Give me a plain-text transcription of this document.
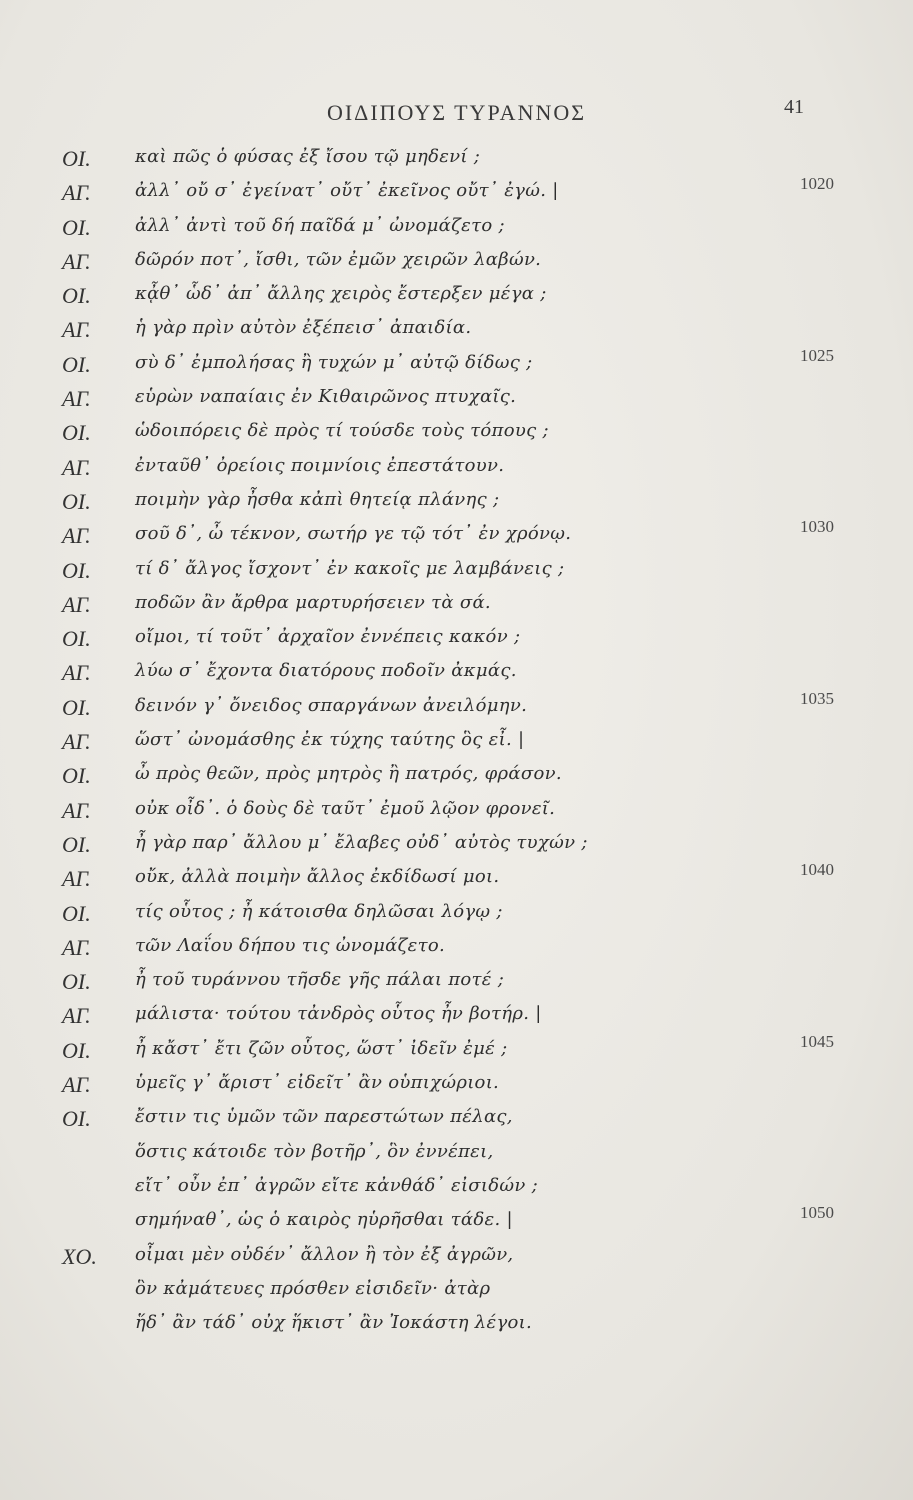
ΟΙΔΙΠΟΥΣ ΤΥΡΑΝΝΟΣ	41
ΟΙ.	καὶ πῶς ὁ φύσας ἐξ ἴσου τῷ μηδενί ;
ΑΓ.	ἀλλ᾽ οὔ σ᾽ ἐγείνατ᾽ οὔτ᾽ ἐκεῖνος οὔτ᾽ ἐγώ. |	1020
ΟΙ.	ἀλλ᾽ ἀντὶ τοῦ δή παῖδά μ᾽ ὠνομάζετο ;
ΑΓ.	δῶρόν ποτ᾽, ἴσθι, τῶν ἐμῶν χειρῶν λαβών.
ΟΙ.	κᾆθ᾽ ὧδ᾽ ἀπ᾽ ἄλλης χειρὸς ἔστερξεν μέγα ;
ΑΓ.	ἡ γὰρ πρὶν αὐτὸν ἐξέπεισ᾽ ἀπαιδία.
ΟΙ.	σὺ δ᾽ ἐμπολήσας ἢ τυχών μ᾽ αὐτῷ δίδως ;	1025
ΑΓ.	εὑρὼν ναπαίαις ἐν Κιθαιρῶνος πτυχαῖς.
ΟΙ.	ὡδοιπόρεις δὲ πρὸς τί τούσδε τοὺς τόπους ;
ΑΓ.	ἐνταῦθ᾽ ὀρείοις ποιμνίοις ἐπεστάτουν.
ΟΙ.	ποιμὴν γὰρ ἦσθα κἀπὶ θητείᾳ πλάνης ;
ΑΓ.	σοῦ δ᾽, ὦ τέκνον, σωτήρ γε τῷ τότ᾽ ἐν χρόνῳ.	1030
ΟΙ.	τί δ᾽ ἄλγος ἴσχοντ᾽ ἐν κακοῖς με λαμβάνεις ;
ΑΓ.	ποδῶν ἂν ἄρθρα μαρτυρήσειεν τὰ σά.
ΟΙ.	οἴμοι, τί τοῦτ᾽ ἀρχαῖον ἐννέπεις κακόν ;
ΑΓ.	λύω σ᾽ ἔχοντα διατόρους ποδοῖν ἀκμάς.
ΟΙ.	δεινόν γ᾽ ὄνειδος σπαργάνων ἀνειλόμην.	1035
ΑΓ.	ὥστ᾽ ὠνομάσθης ἐκ τύχης ταύτης ὃς εἶ. |
ΟΙ.	ὦ πρὸς θεῶν, πρὸς μητρὸς ἢ πατρός, φράσον.
ΑΓ.	οὐκ οἶδ᾽. ὁ δοὺς δὲ ταῦτ᾽ ἐμοῦ λῷον φρονεῖ.
ΟΙ.	ἦ γὰρ παρ᾽ ἄλλου μ᾽ ἔλαβες οὐδ᾽ αὐτὸς τυχών ;
ΑΓ.	οὔκ, ἀλλὰ ποιμὴν ἄλλος ἐκδίδωσί μοι.	1040
ΟΙ.	τίς οὗτος ; ἦ κάτοισθα δηλῶσαι λόγῳ ;
ΑΓ.	τῶν Λαΐου δήπου τις ὠνομάζετο.
ΟΙ.	ἦ τοῦ τυράννου τῆσδε γῆς πάλαι ποτέ ;
ΑΓ.	μάλιστα· τούτου τἀνδρὸς οὗτος ἦν βοτήρ. |
ΟΙ.	ἦ κἄστ᾽ ἔτι ζῶν οὗτος, ὥστ᾽ ἰδεῖν ἐμέ ;	1045
ΑΓ.	ὑμεῖς γ᾽ ἄριστ᾽ εἰδεῖτ᾽ ἂν οὑπιχώριοι.
ΟΙ.	ἔστιν τις ὑμῶν τῶν παρεστώτων πέλας,
ὅστις κάτοιδε τὸν βοτῆρ᾽, ὃν ἐννέπει,
εἴτ᾽ οὖν ἐπ᾽ ἀγρῶν εἴτε κἀνθάδ᾽ εἰσιδών ;
σημήναθ᾽, ὡς ὁ καιρὸς ηὑρῆσθαι τάδε. |	1050
ΧΟ.	οἶμαι μὲν οὐδέν᾽ ἄλλον ἢ τὸν ἐξ ἀγρῶν,
ὃν κἀμάτευες πρόσθεν εἰσιδεῖν· ἀτὰρ
ἥδ᾽ ἂν τάδ᾽ οὐχ ἥκιστ᾽ ἂν Ἰοκάστη λέγοι.
